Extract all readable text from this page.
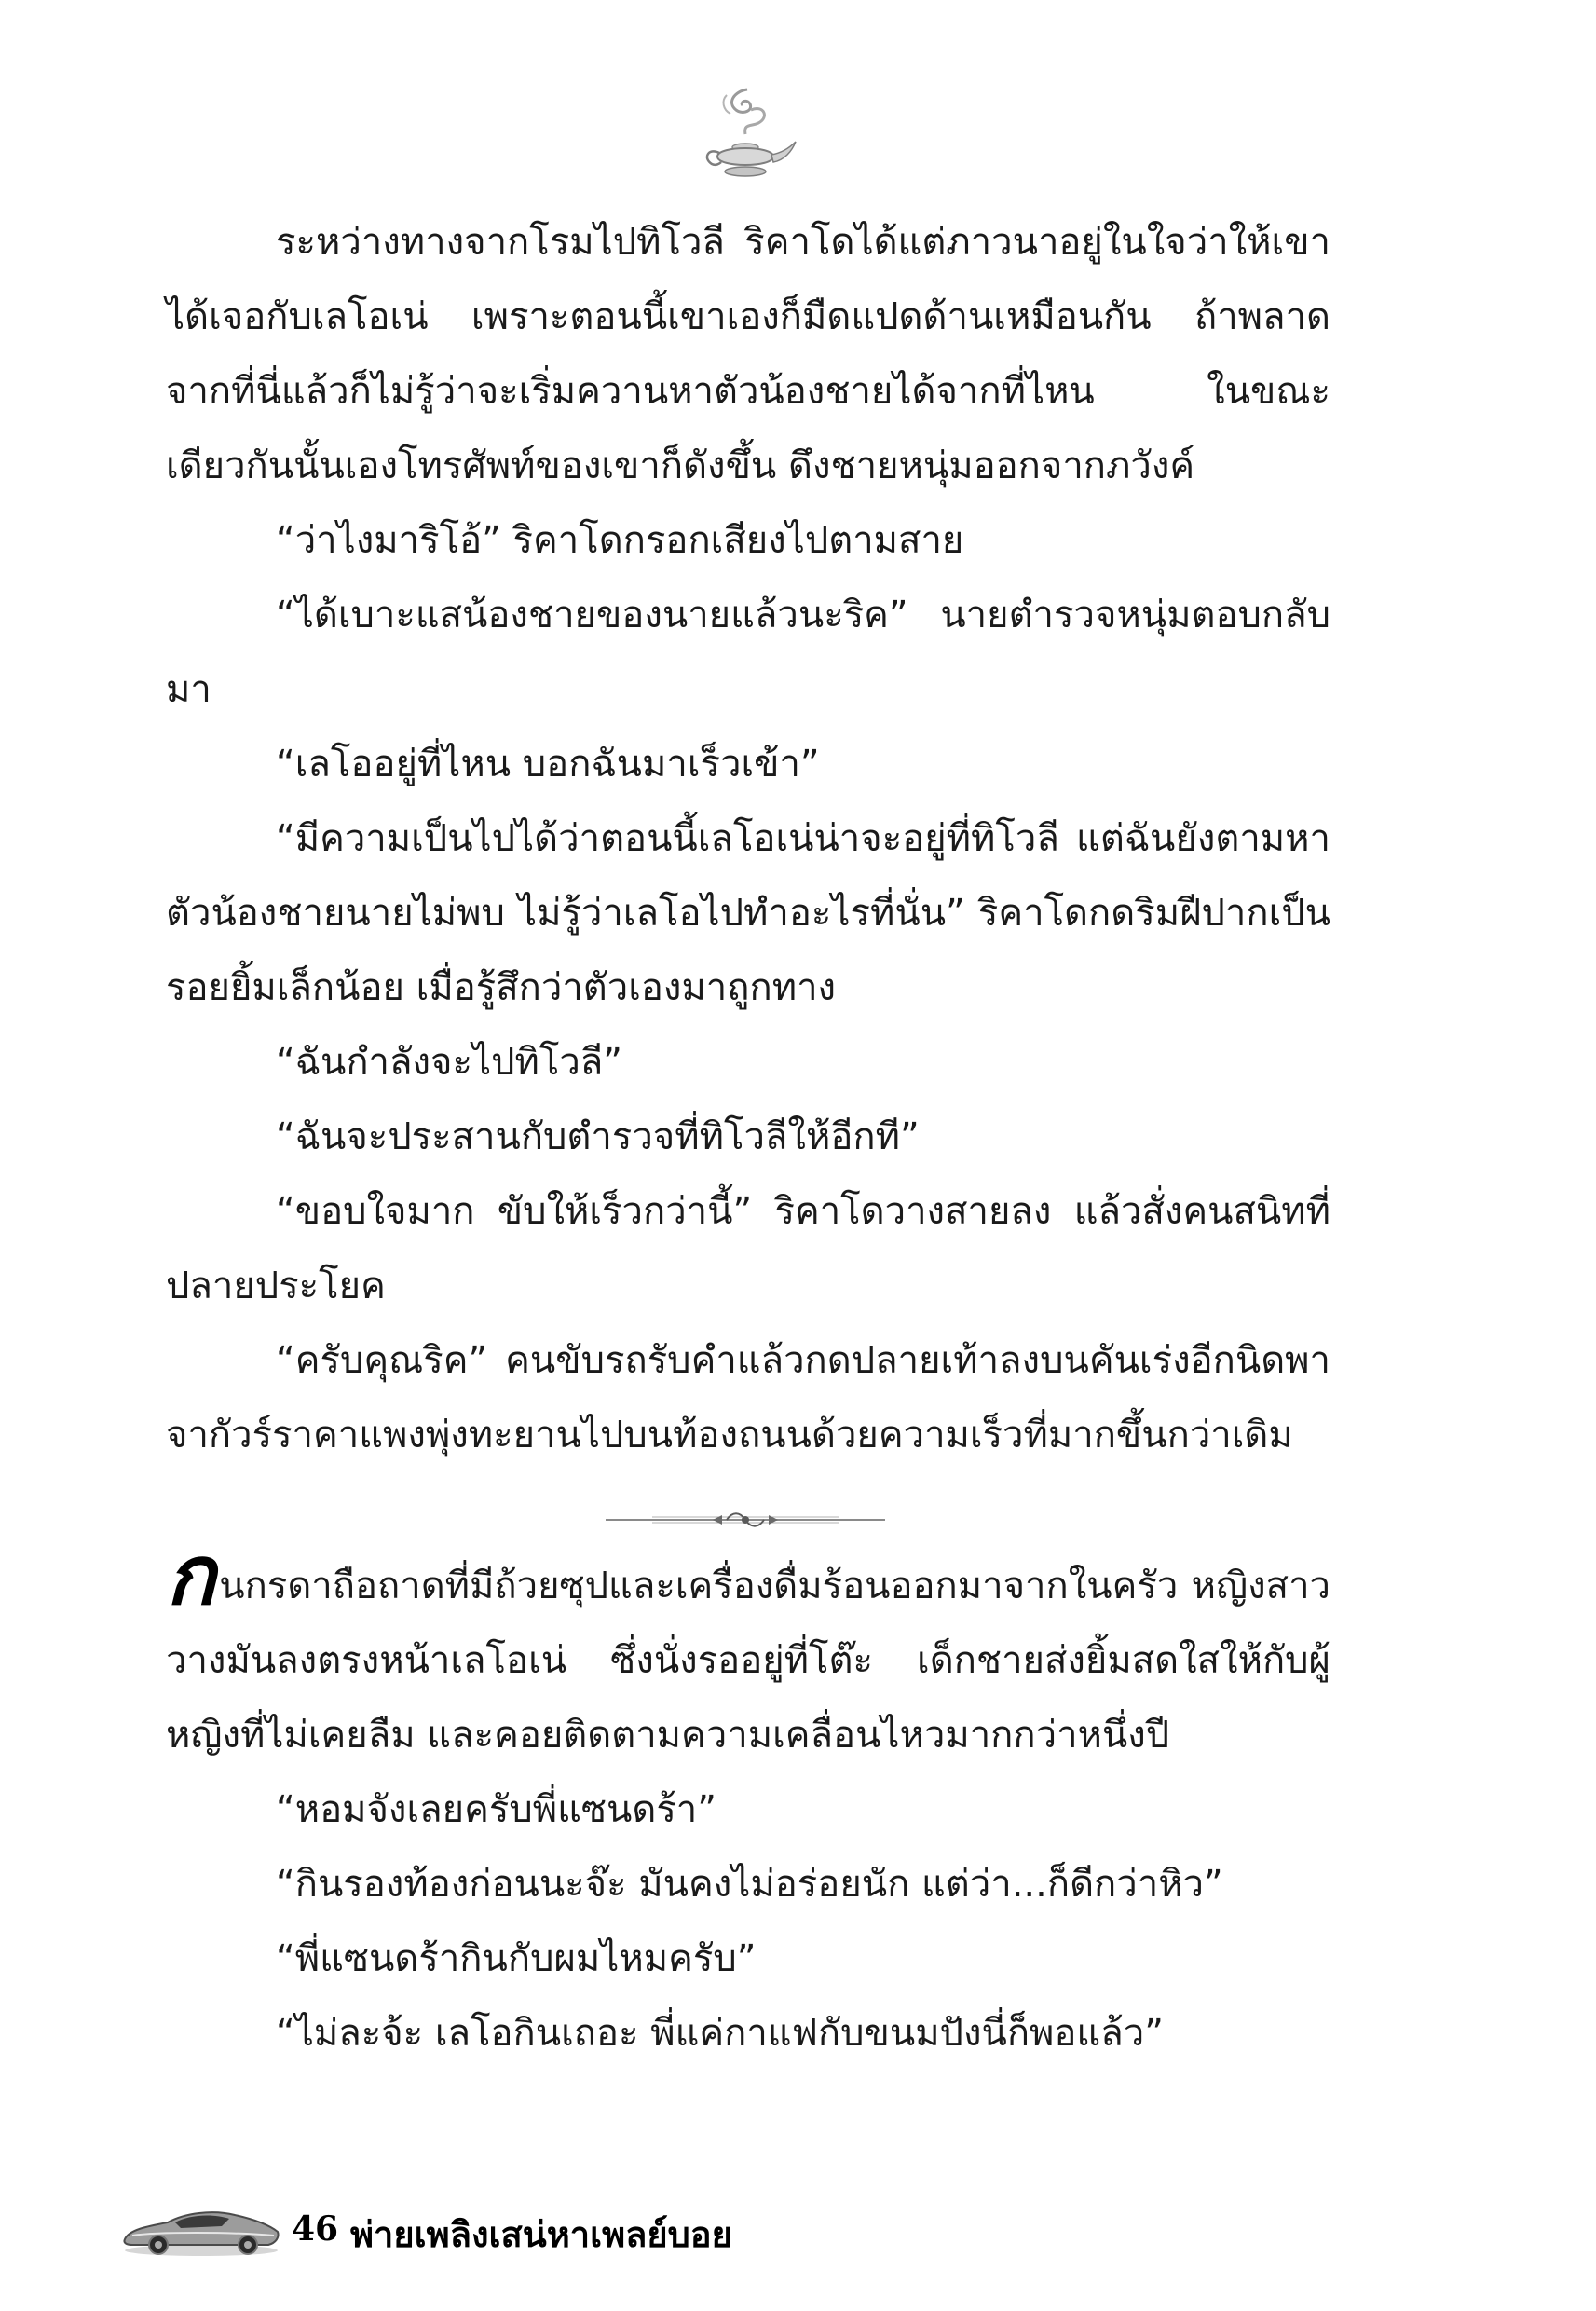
ระหว่างทางจากโรมไปทิโวลี ริคาโดได้แต่ภาวนาอยู่ในใจว่าให้เขาได้เจอกับเลโอเน่ เพราะตอนนี้เขาเองก็มืดแปดด้านเหมือนกัน ถ้าพลาดจากที่นี่แล้วก็ไม่รู้ว่าจะเริ่มควานหาตัวน้องชายได้จากที่ไหน ในขณะเดียวกันนั้นเองโทรศัพท์ของเขาก็ดังขึ้น ดึงชายหนุ่มออกจากภวังค์

“ว่าไงมาริโอ้” ริคาโดกรอกเสียงไปตามสาย

“ได้เบาะแสน้องชายของนายแล้วนะริค” นายตำรวจหนุ่มตอบกลับมา

“เลโออยู่ที่ไหน บอกฉันมาเร็วเข้า”

“มีความเป็นไปได้ว่าตอนนี้เลโอเน่น่าจะอยู่ที่ทิโวลี แต่ฉันยังตามหาตัวน้องชายนายไม่พบ ไม่รู้ว่าเลโอไปทำอะไรที่นั่น” ริคาโดกดริมฝีปากเป็นรอยยิ้มเล็กน้อย เมื่อรู้สึกว่าตัวเองมาถูกทาง

“ฉันกำลังจะไปทิโวลี”

“ฉันจะประสานกับตำรวจที่ทิโวลีให้อีกที”

“ขอบใจมาก ขับให้เร็วกว่านี้” ริคาโดวางสายลง แล้วสั่งคนสนิทที่ปลายประโยค

“ครับคุณริค” คนขับรถรับคำแล้วกดปลายเท้าลงบนคันเร่งอีกนิดพาจากัวร์ราคาแพงพุ่งทะยานไปบนท้องถนนด้วยความเร็วที่มากขึ้นกว่าเดิม

กนกรดาถือถาดที่มีถ้วยซุปและเครื่องดื่มร้อนออกมาจากในครัว หญิงสาววางมันลงตรงหน้าเลโอเน่ ซึ่งนั่งรออยู่ที่โต๊ะ เด็กชายส่งยิ้มสดใสให้กับผู้หญิงที่ไม่เคยลืม และคอยติดตามความเคลื่อนไหวมากกว่าหนึ่งปี

“หอมจังเลยครับพี่แซนดร้า”

“กินรองท้องก่อนนะจ๊ะ มันคงไม่อร่อยนัก แต่ว่า...ก็ดีกว่าหิว”

“พี่แซนดร้ากินกับผมไหมครับ”

“ไม่ละจ้ะ เลโอกินเถอะ พี่แค่กาแฟกับขนมปังนี่ก็พอแล้ว”

46 พ่ายเพลิงเสน่หาเพลย์บอย
